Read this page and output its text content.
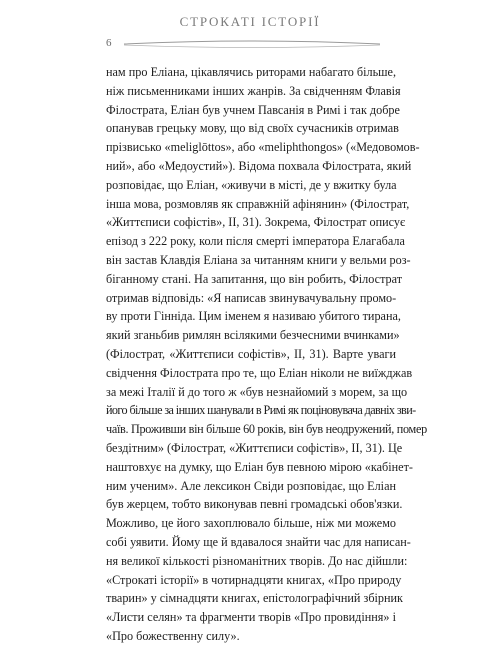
СТРОКАТІ ІСТОРІЇ
6
нам про Еліана, цікавлячись риторами набагато більше,
ніж письменниками інших жанрів. За свідченням Флавія
Філострата, Еліан був учнем Павсанія в Римі і так добре
опанував грецьку мову, що від своїх сучасників отримав
прізвисько «meliglōttos», або «meliphthongos» («Медовомов-
ний», або «Медоустий»). Відома похвала Філострата, який
розповідає, що Еліан, «живучи в місті, де у вжитку була
інша мова, розмовляв як справжній афінянин» (Філострат,
«Життєписи софістів», II, 31). Зокрема, Філострат описує
епізод з 222 року, коли після смерті імператора Елагабала
він застав Клавдія Еліана за читанням книги у вельми роз-
біганному стані. На запитання, що він робить, Філострат
отримав відповідь: «Я написав звинувачувальну промо-
ву проти Гінніда. Цим іменем я називаю убитого тирана,
який зганьбив римлян всілякими безчесними вчинками»
(Філострат, «Життєписи софістів», II, 31). Варте уваги
свідчення Філострата про те, що Еліан ніколи не виїжджав
за межі Італії й до того ж «був незнайомий з морем, за що
його більше за інших шанували в Римі як поціновувача давніх зви-
чаїв. Проживши він більше 60 років, він був неодружений, помер
бездітним» (Філострат, «Життєписи софістів», II, 31). Це
наштовхує на думку, що Еліан був певною мірою «кабінет-
ним ученим». Але лексикон Свіди розповідає, що Еліан
був жерцем, тобто виконував певні громадські обов'язки.
Можливо, це його захоплювало більше, ніж ми можемо
собі уявити. Йому ще й вдавалося знайти час для написан-
ня великої кількості різноманітних творів. До нас дійшли:
«Строкаті історії» в чотирнадцяти книгах, «Про природу
тварин» у сімнадцяти книгах, епістолографічний збірник
«Листи селян» та фрагменти творів «Про провидіння» і
«Про божественну силу».
